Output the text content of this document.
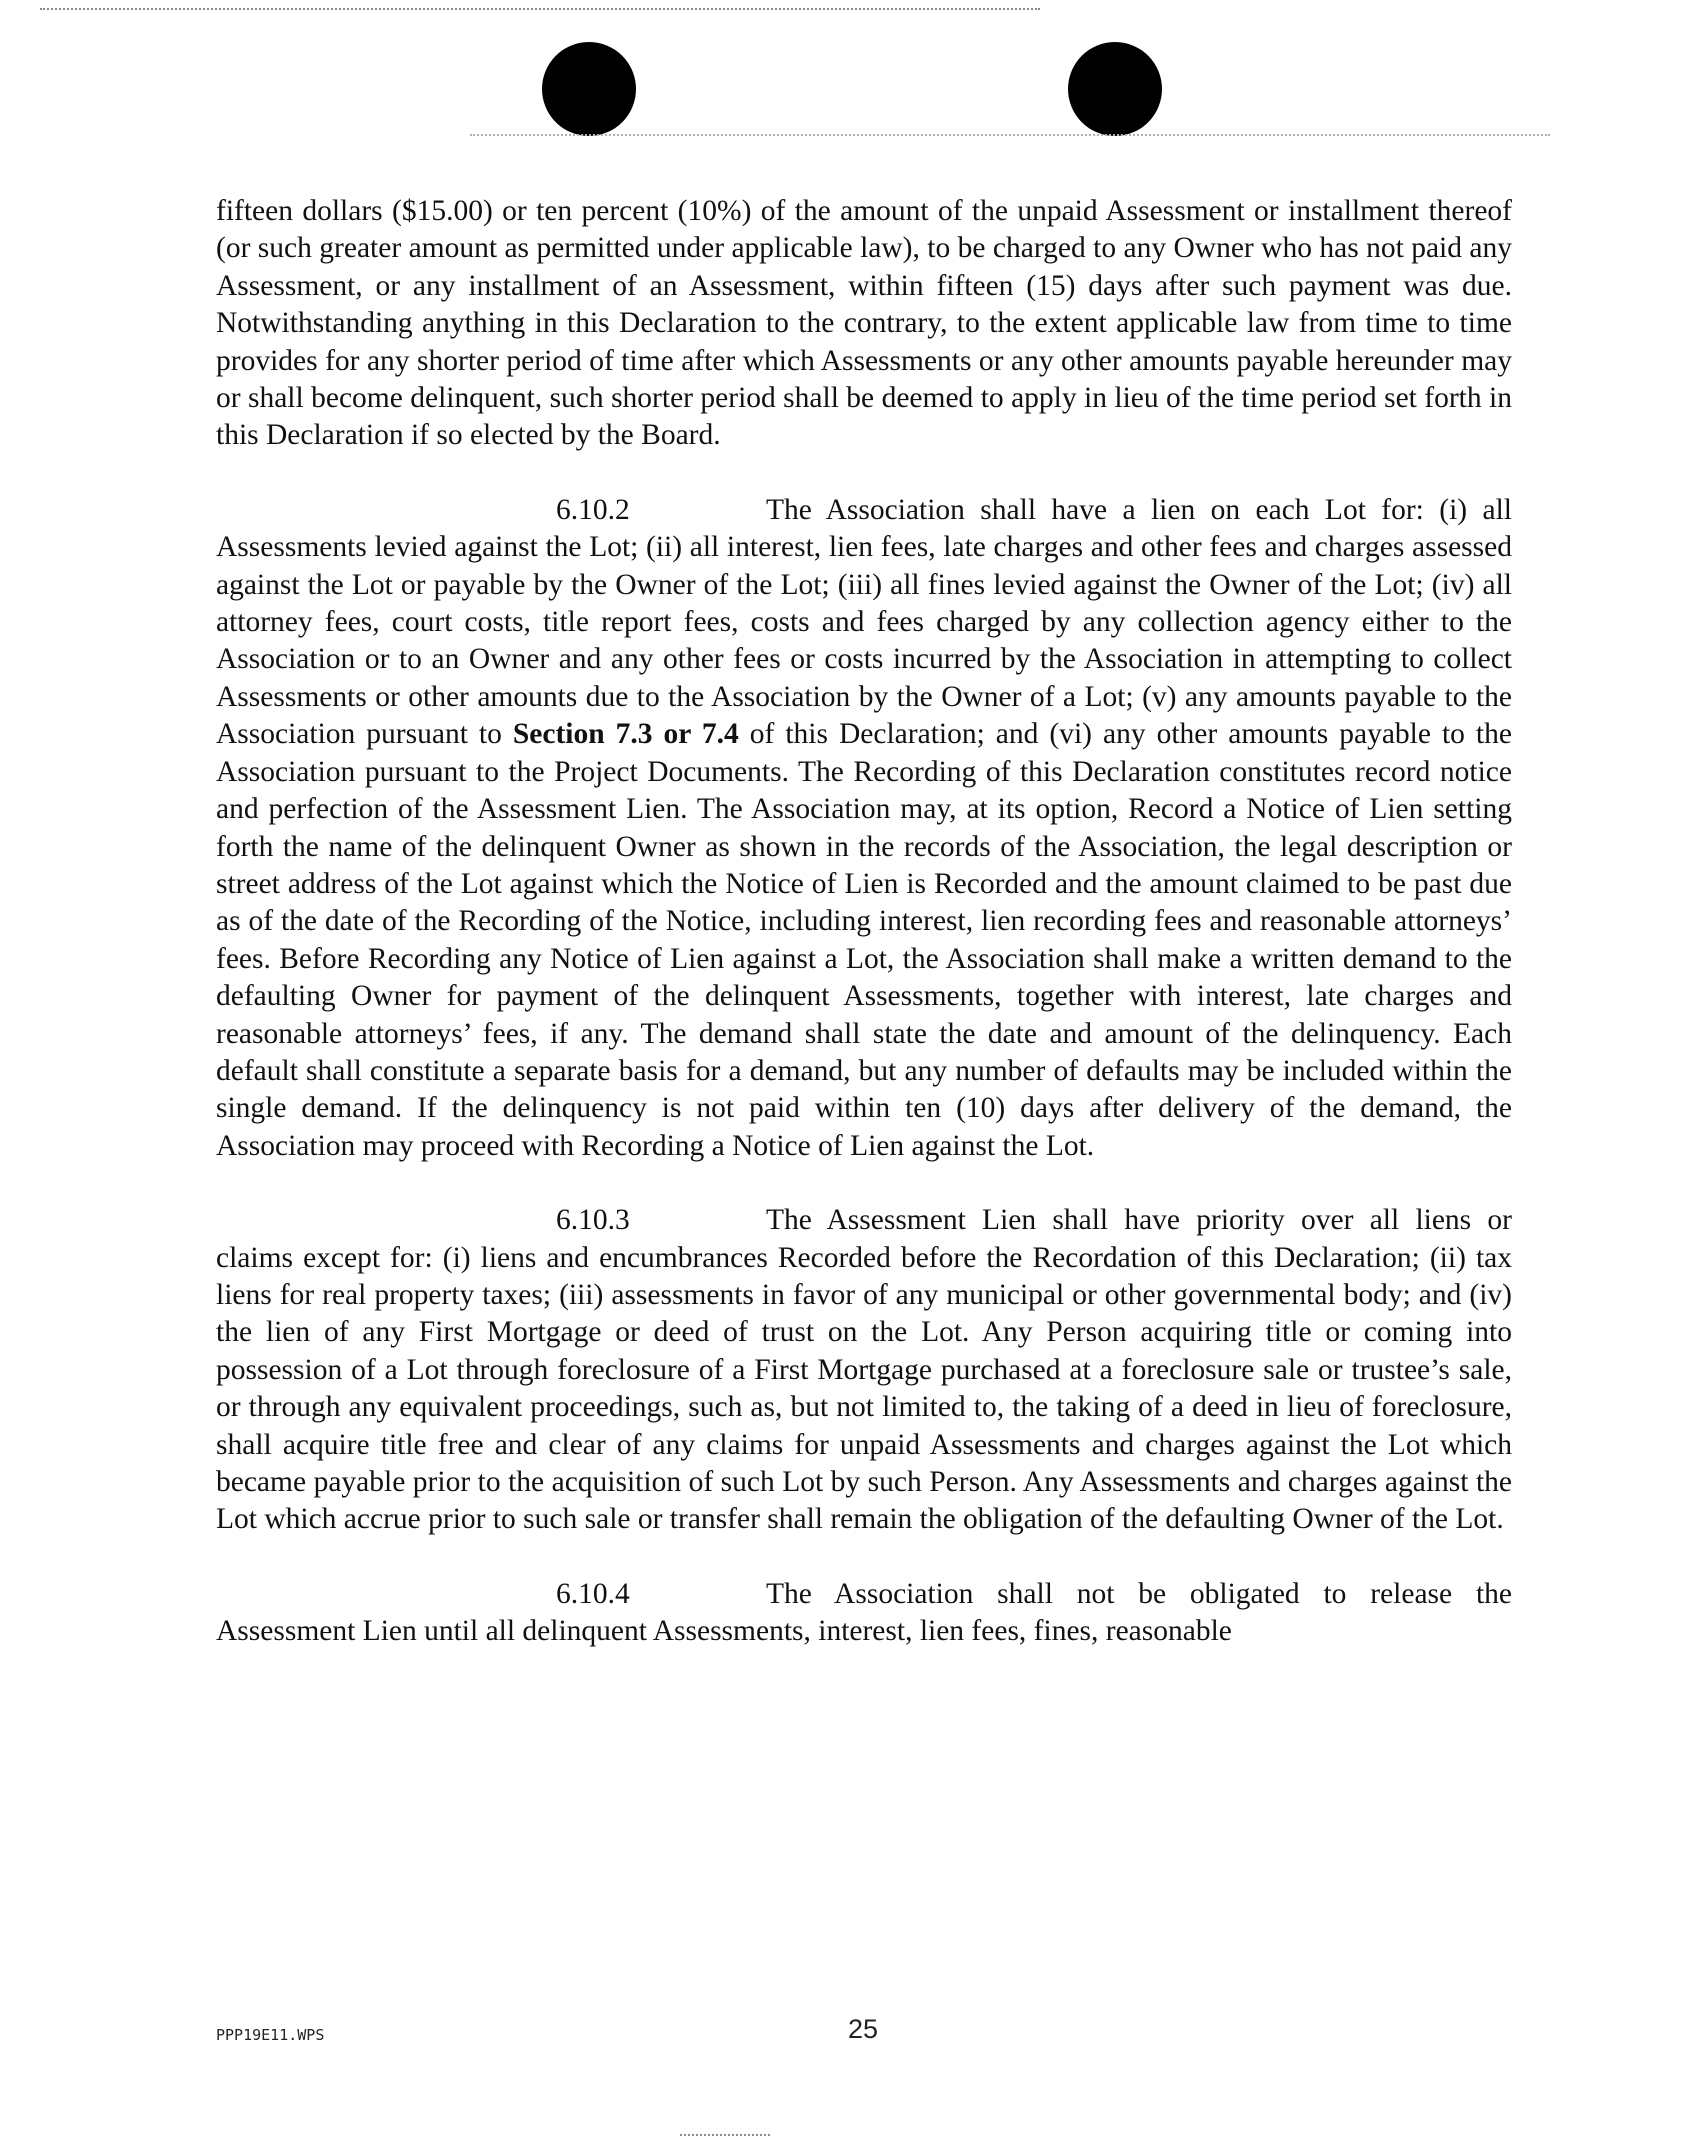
fifteen dollars ($15.00) or ten percent (10%) of the amount of the unpaid Assessment or installment thereof (or such greater amount as permitted under applicable law), to be charged to any Owner who has not paid any Assessment, or any installment of an Assessment, within fifteen (15) days after such payment was due. Notwithstanding anything in this Declaration to the contrary, to the extent applicable law from time to time provides for any shorter period of time after which Assessments or any other amounts payable hereunder may or shall become delinquent, such shorter period shall be deemed to apply in lieu of the time period set forth in this Declaration if so elected by the Board.

6.10.2	The Association shall have a lien on each Lot for: (i) all Assessments levied against the Lot; (ii) all interest, lien fees, late charges and other fees and charges assessed against the Lot or payable by the Owner of the Lot; (iii) all fines levied against the Owner of the Lot; (iv) all attorney fees, court costs, title report fees, costs and fees charged by any collection agency either to the Association or to an Owner and any other fees or costs incurred by the Association in attempting to collect Assessments or other amounts due to the Association by the Owner of a Lot; (v) any amounts payable to the Association pursuant to Section 7.3 or 7.4 of this Declaration; and (vi) any other amounts payable to the Association pursuant to the Project Documents. The Recording of this Declaration constitutes record notice and perfection of the Assessment Lien. The Association may, at its option, Record a Notice of Lien setting forth the name of the delinquent Owner as shown in the records of the Association, the legal description or street address of the Lot against which the Notice of Lien is Recorded and the amount claimed to be past due as of the date of the Recording of the Notice, including interest, lien recording fees and reasonable attorneys’ fees. Before Recording any Notice of Lien against a Lot, the Association shall make a written demand to the defaulting Owner for payment of the delinquent Assessments, together with interest, late charges and reasonable attorneys’ fees, if any. The demand shall state the date and amount of the delinquency. Each default shall constitute a separate basis for a demand, but any number of defaults may be included within the single demand. If the delinquency is not paid within ten (10) days after delivery of the demand, the Association may proceed with Recording a Notice of Lien against the Lot.

6.10.3	The Assessment Lien shall have priority over all liens or claims except for: (i) liens and encumbrances Recorded before the Recordation of this Declaration; (ii) tax liens for real property taxes; (iii) assessments in favor of any municipal or other governmental body; and (iv) the lien of any First Mortgage or deed of trust on the Lot. Any Person acquiring title or coming into possession of a Lot through foreclosure of a First Mortgage purchased at a foreclosure sale or trustee’s sale, or through any equivalent proceedings, such as, but not limited to, the taking of a deed in lieu of foreclosure, shall acquire title free and clear of any claims for unpaid Assessments and charges against the Lot which became payable prior to the acquisition of such Lot by such Person. Any Assessments and charges against the Lot which accrue prior to such sale or transfer shall remain the obligation of the defaulting Owner of the Lot.

6.10.4	The Association shall not be obligated to release the Assessment Lien until all delinquent Assessments, interest, lien fees, fines, reasonable

PPP19E11.WPS	25
